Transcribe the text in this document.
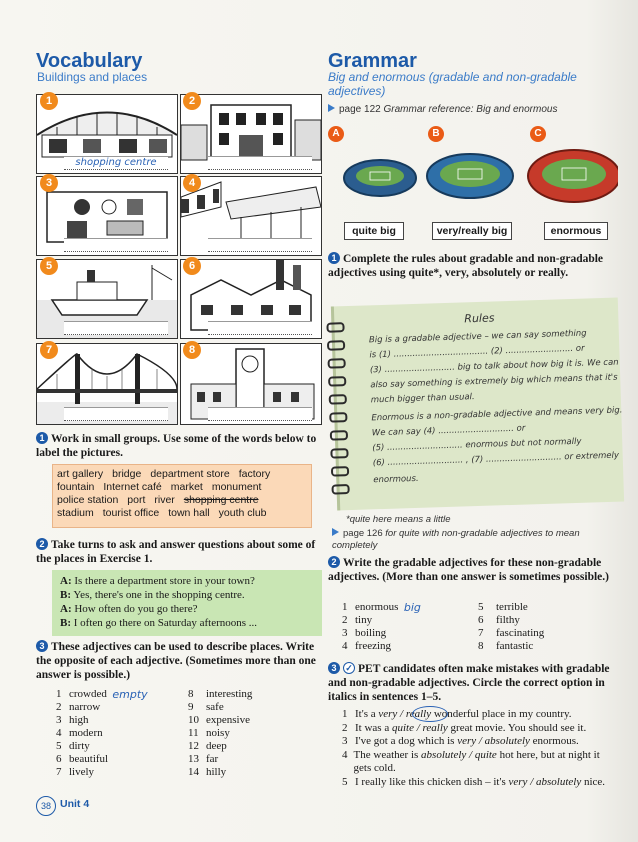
Vocabulary
Buildings and places
1
shopping centre
2
3	4
5	6
7	8
1 Work in small groups. Use some of the words below to label the pictures.
art gallery bridge department store factory
fountain Internet café market monument
police station port river shopping centre
stadium tourist office town hall youth club
2 Take turns to ask and answer questions about some of the places in Exercise 1.
A: Is there a department store in your town?
B: Yes, there's one in the shopping centre.
A: How often do you go there?
B: I often go there on Saturday afternoons ...
3 These adjectives can be used to describe places. Write the opposite of each adjective. (Sometimes more than one answer is possible.)
1 crowded
empty
2 narrow
3 high
4 modern
5 dirty
6 beautiful
7 lively
8	interesting
9	safe
10 expensive
11 noisy
12 deep
13 far
14 hilly
38 Unit 4
Grammar
Big and enormous (gradable and non-gradable adjectives)
page 122 Grammar reference: Big and enormous
A	B	C
quite big	very/really big	enormous
1 Complete the rules about gradable and non-gradable adjectives using quite*, very, absolutely or really.
Rules
Big is a gradable adjective – we can say something
is (1) ................................... (2) ......................... or
(3) .......................... big to talk about how big it is. We can
also say something is extremely big which means that it's
much bigger than usual.
Enormous is a non-gradable adjective and means very big.
We can say (4) ............................ or
(5) ............................ enormous but not normally
(6) ............................ , (7) ............................ or extremely
enormous.
*quite here means a little
page 126 for quite with non-gradable adjectives to mean completely
2 Write the gradable adjectives for these non-gradable adjectives. (More than one answer is sometimes possible.)
1 enormous
big
2 tiny
3 boiling
4 freezing
5	terrible
6	filthy
7	fascinating
8	fantastic
3 ✓ PET candidates often make mistakes with gradable and non-gradable adjectives. Circle the correct option in italics in sentences 1–5.
1 It's a very / really wonderful place in my country.
2 It was a quite / really great movie. You should see it.
3 I've got a dog which is very / absolutely enormous.
4 The weather is absolutely / quite hot here, but at night it gets cold.
5 I really like this chicken dish – it's very / absolutely nice.
